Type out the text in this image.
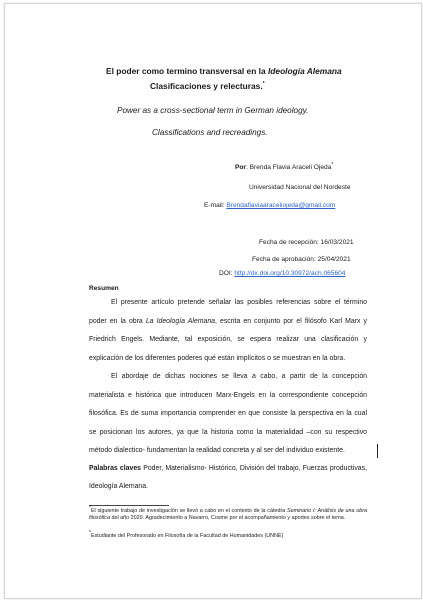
El poder como termino transversal en la Ideología Alemana
Clasificaciones y relecturas.*
Power as a cross-sectional term in German ideology.
Classifications and recreadings.
Por: Brenda Flavia Araceli Ojeda*
Universidad Nacional del Nordeste
E-mail: Brendaflaviaaraceliojeda@gmail.com
Fecha de recepción: 16/03/2021
Fecha de aprobación: 25/04/2021
DOI: http://dx.doi.org/10.30972/ach.065604
Resumen
El presente artículo pretende señalar las posibles referencias sobre el término poder en la obra La Ideología Alemana, escrita en conjunto por el filósofo Karl Marx y Friedrich Engels. Mediante, tal exposición, se espera realizar una clasificación y explicación de los diferentes poderes qué están implícitos o se muestran en la obra.
El abordaje de dichas nociones se lleva a cabo, a partir de la concepción materialista e histórica que introducen Marx-Engels en la correspondiente concepción filosófica. Es de suma importancia comprender en que consiste la perspectiva en la cual se posicionan los autores, ya que la historia como la materialidad –con su respectivo método dialectico- fundamentan la realidad concreta y al ser del individuo existente.
Palabras claves Poder, Materialismo- Histórico, División del trabajo, Fuerzas productivas, Ideología Alemana.
*El siguiente trabajo de investigación se llevó a cabo en el contexto de la cátedra Seminario I: Análisis de una obra filosófica del año 2020. Agradecimiento a Navarro, Cosme por el acompañamiento y aportes sobre el tema.
*Estudiante del Profesorado en Filosofía de la Facultad de Humanidades (UNNE)
